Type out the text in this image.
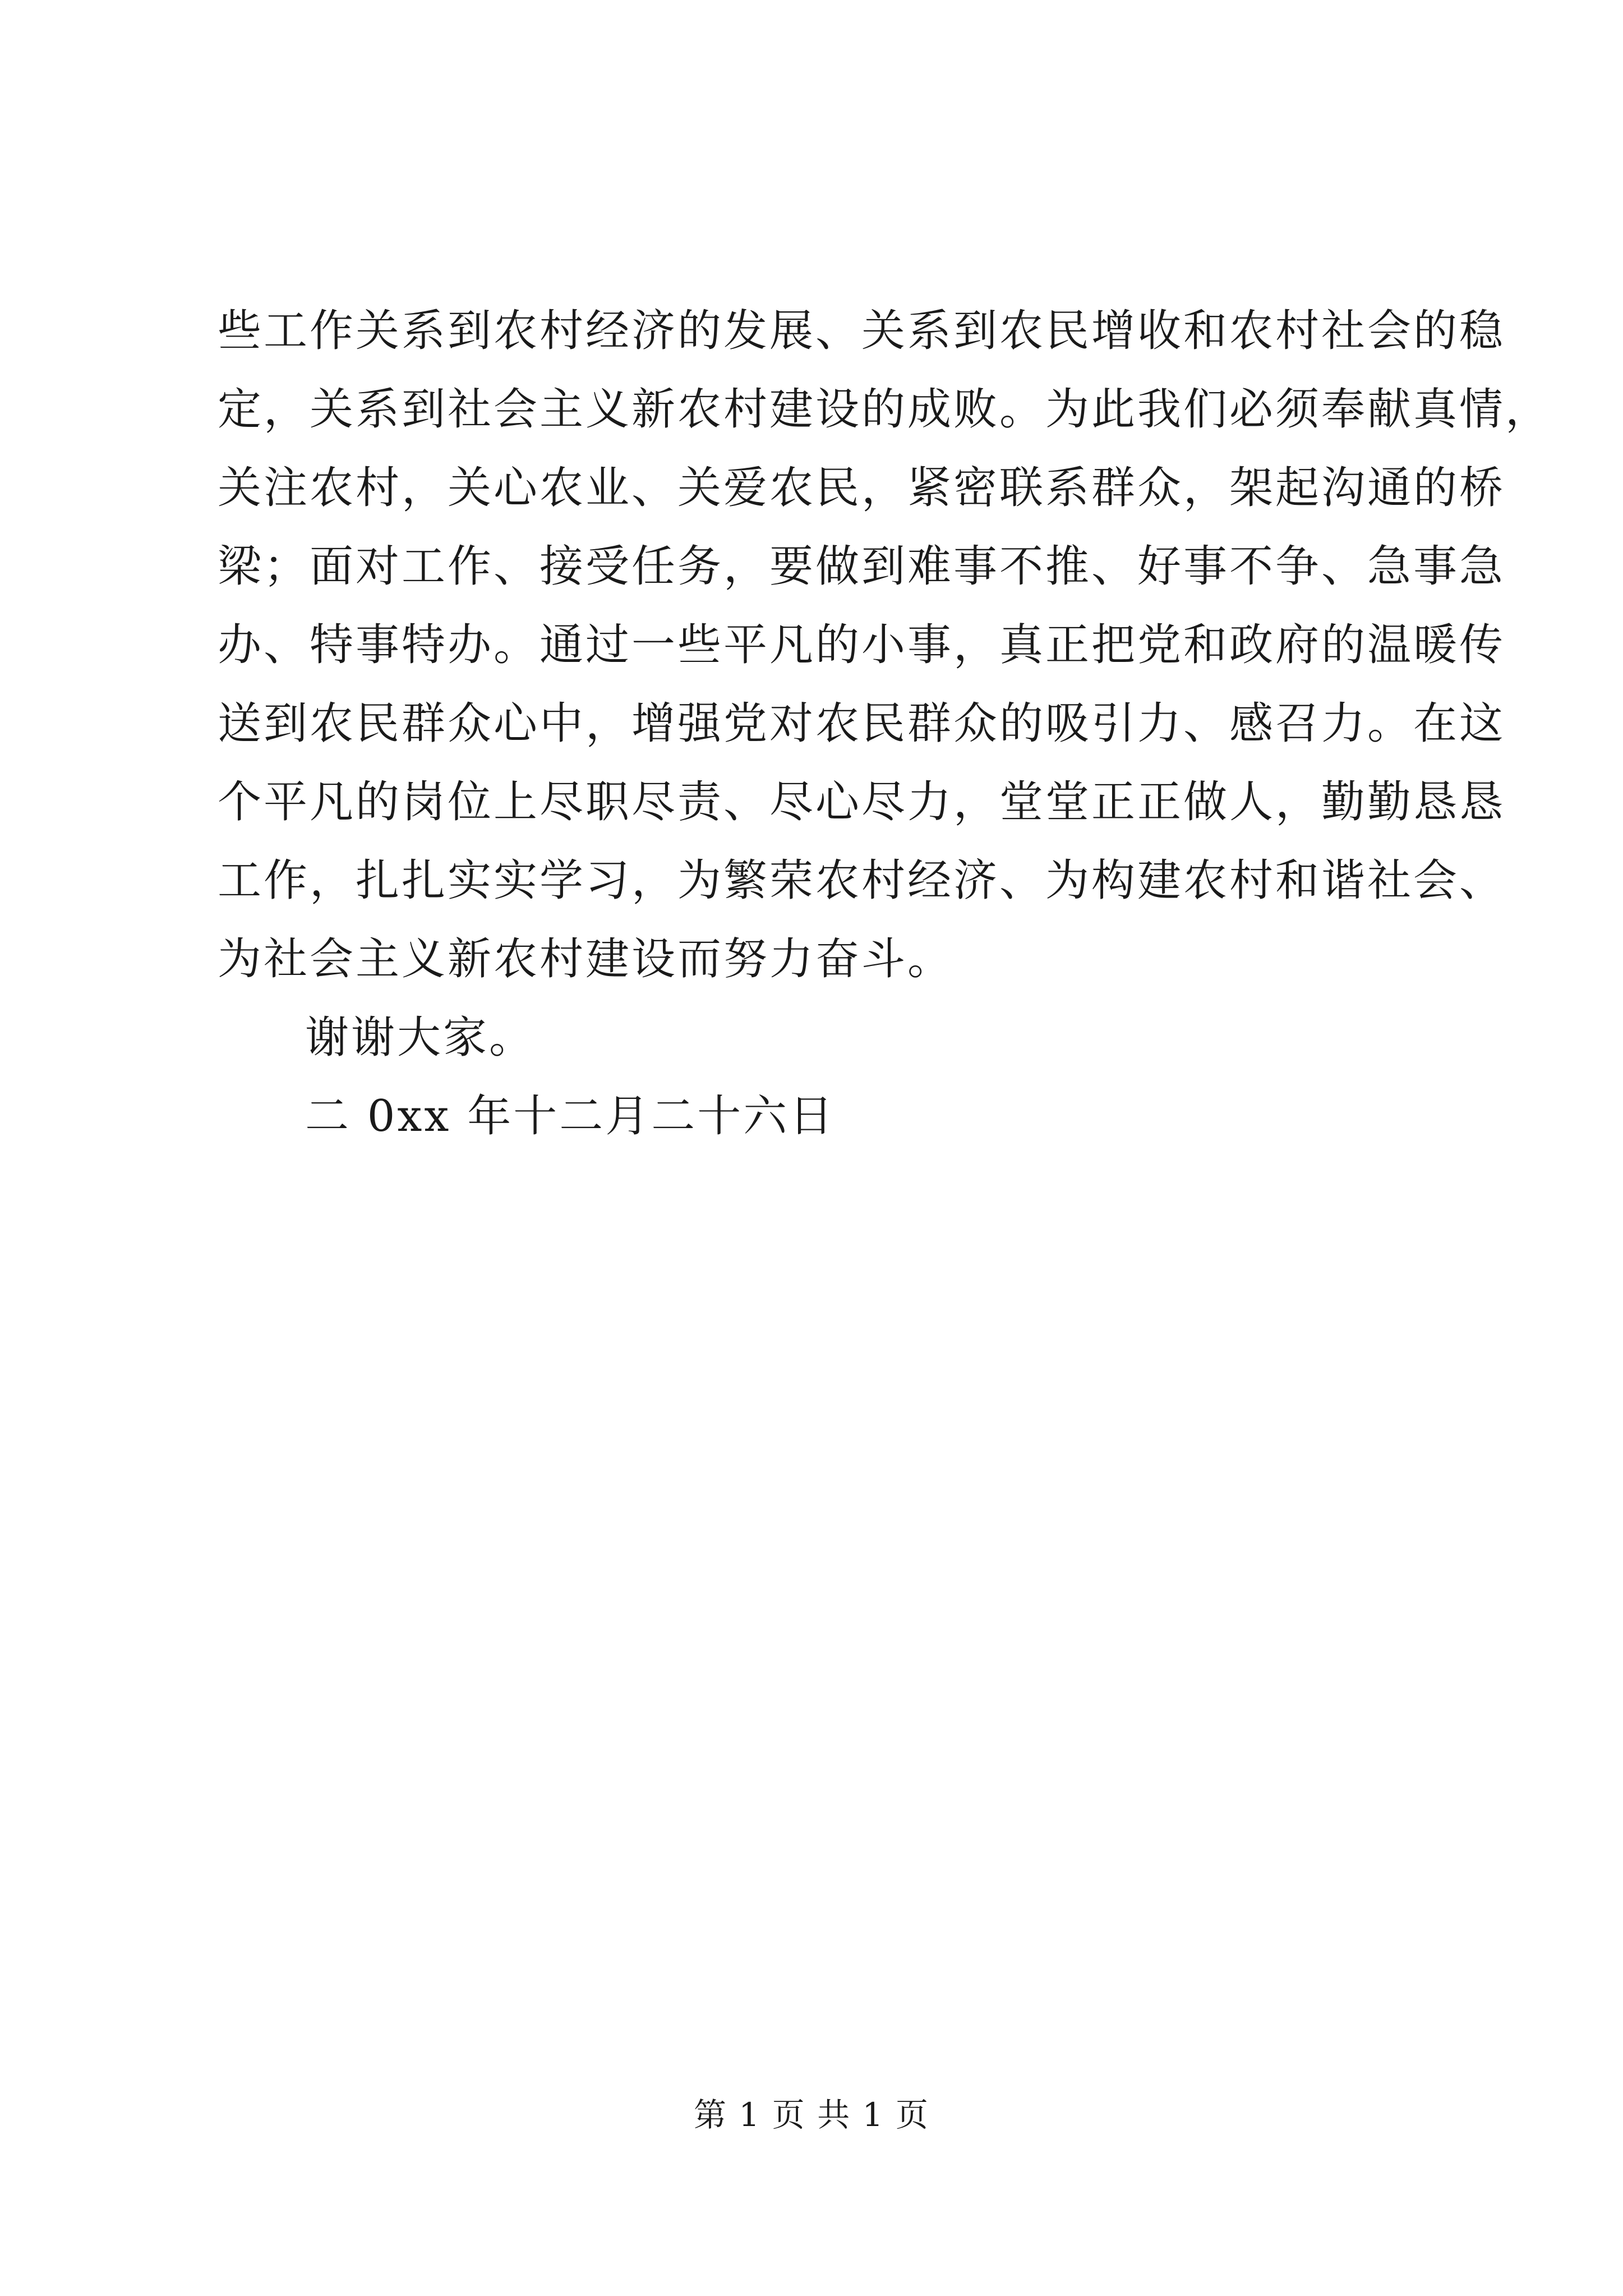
些工作关系到农村经济的发展、关系到农民增收和农村社会的稳
定，关系到社会主义新农村建设的成败。为此我们必须奉献真情，
关注农村，关心农业、关爱农民，紧密联系群众，架起沟通的桥
梁；面对工作、接受任务，要做到难事不推、好事不争、急事急
办、特事特办。通过一些平凡的小事，真正把党和政府的温暖传
送到农民群众心中，增强党对农民群众的吸引力、感召力。在这
个平凡的岗位上尽职尽责、尽心尽力，堂堂正正做人，勤勤恳恳
工作，扎扎实实学习，为繁荣农村经济、为构建农村和谐社会、
为社会主义新农村建设而努力奋斗。
谢谢大家。
二 0xx 年十二月二十六日
第 1 页 共 1 页
